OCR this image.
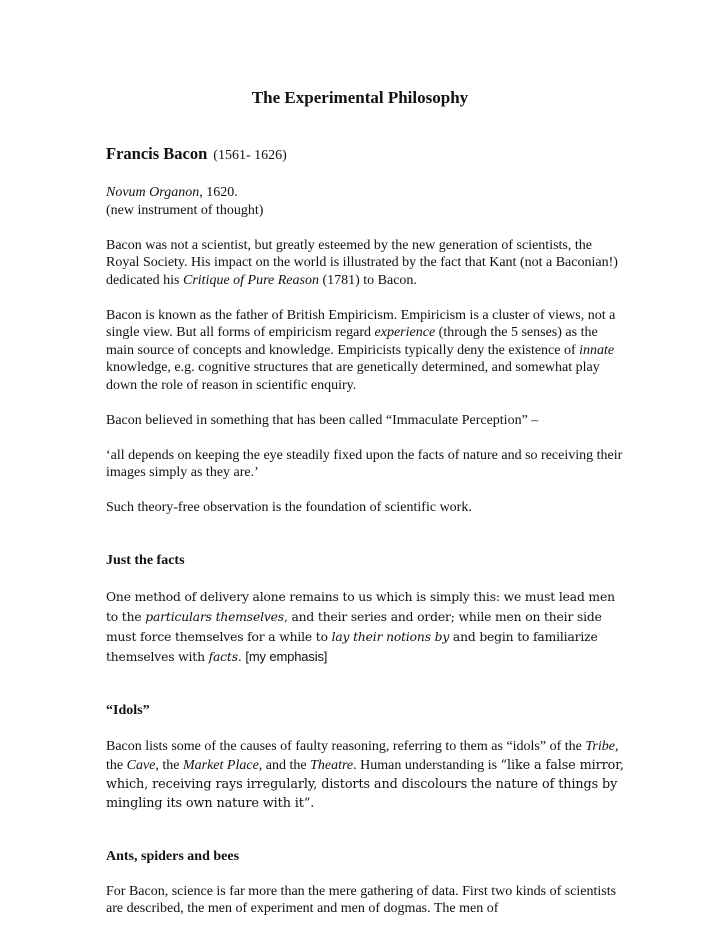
The Experimental Philosophy
Francis Bacon (1561- 1626)

Novum Organon, 1620.
(new instrument of thought)

Bacon was not a scientist, but greatly esteemed by the new generation of scientists, the Royal Society. His impact on the world is illustrated by the fact that Kant (not a Baconian!) dedicated his Critique of Pure Reason (1781) to Bacon.

Bacon is known as the father of British Empiricism. Empiricism is a cluster of views, not a single view. But all forms of empiricism regard experience (through the 5 senses) as the main source of concepts and knowledge. Empiricists typically deny the existence of innate knowledge, e.g. cognitive structures that are genetically determined, and somewhat play down the role of reason in scientific enquiry.

Bacon believed in something that has been called “Immaculate Perception” –

‘all depends on keeping the eye steadily fixed upon the facts of nature and so receiving their images simply as they are.’

Such theory-free observation is the foundation of scientific work.

Just the facts
One method of delivery alone remains to us which is simply this: we must lead men to the particulars themselves, and their series and order; while men on their side must force themselves for a while to lay their notions by and begin to familiarize themselves with facts. [my emphasis]
“Idols”

Bacon lists some of the causes of faulty reasoning, referring to them as “idols” of the Tribe, the Cave, the Market Place, and the Theatre. Human understanding is “like a false mirror, which, receiving rays irregularly, distorts and discolours the nature of things by mingling its own nature with it”.

Ants, spiders and bees

For Bacon, science is far more than the mere gathering of data. First two kinds of scientists are described, the men of experiment and men of dogmas. The men of
